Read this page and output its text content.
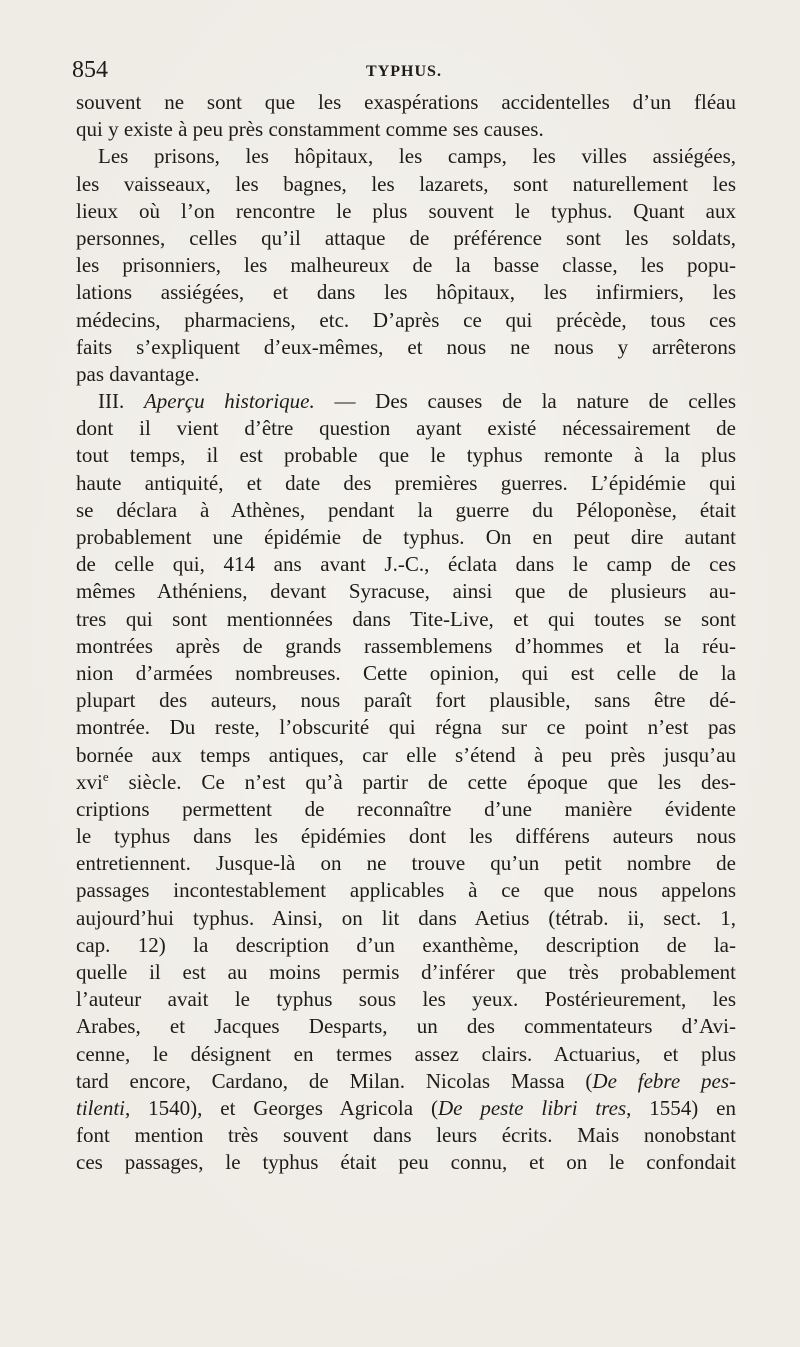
854	TYPHUS.
souvent ne sont que les exaspérations accidentelles d’un fléau
qui y existe à peu près constamment comme ses causes.
Les prisons, les hôpitaux, les camps, les villes assiégées,
les vaisseaux, les bagnes, les lazarets, sont naturellement les
lieux où l’on rencontre le plus souvent le typhus. Quant aux
personnes, celles qu’il attaque de préférence sont les soldats,
les prisonniers, les malheureux de la basse classe, les popu-
lations assiégées, et dans les hôpitaux, les infirmiers, les
médecins, pharmaciens, etc. D’après ce qui précède, tous ces
faits s’expliquent d’eux-mêmes, et nous ne nous y arrêterons
pas davantage.
III. Aperçu historique. — Des causes de la nature de celles
dont il vient d’être question ayant existé nécessairement de
tout temps, il est probable que le typhus remonte à la plus
haute antiquité, et date des premières guerres. L’épidémie qui
se déclara à Athènes, pendant la guerre du Péloponèse, était
probablement une épidémie de typhus. On en peut dire autant
de celle qui, 414 ans avant J.-C., éclata dans le camp de ces
mêmes Athéniens, devant Syracuse, ainsi que de plusieurs au-
tres qui sont mentionnées dans Tite-Live, et qui toutes se sont
montrées après de grands rassemblemens d’hommes et la réu-
nion d’armées nombreuses. Cette opinion, qui est celle de la
plupart des auteurs, nous paraît fort plausible, sans être dé-
montrée. Du reste, l’obscurité qui régna sur ce point n’est pas
bornée aux temps antiques, car elle s’étend à peu près jusqu’au
xvi$^e$ siècle. Ce n’est qu’à partir de cette époque que les des-
criptions permettent de reconnaître d’une manière évidente
le typhus dans les épidémies dont les différens auteurs nous
entretiennent. Jusque-là on ne trouve qu’un petit nombre de
passages incontestablement applicables à ce que nous appelons
aujourd’hui typhus. Ainsi, on lit dans Aetius (tétrab. ii, sect. 1,
cap. 12) la description d’un exanthème, description de la-
quelle il est au moins permis d’inférer que très probablement
l’auteur avait le typhus sous les yeux. Postérieurement, les
Arabes, et Jacques Desparts, un des commentateurs d’Avi-
cenne, le désignent en termes assez clairs. Actuarius, et plus
tard encore, Cardano, de Milan. Nicolas Massa (De febre pes-
tilenti, 1540), et Georges Agricola (De peste libri tres, 1554) en
font mention très souvent dans leurs écrits. Mais nonobstant
ces passages, le typhus était peu connu, et on le confondait
